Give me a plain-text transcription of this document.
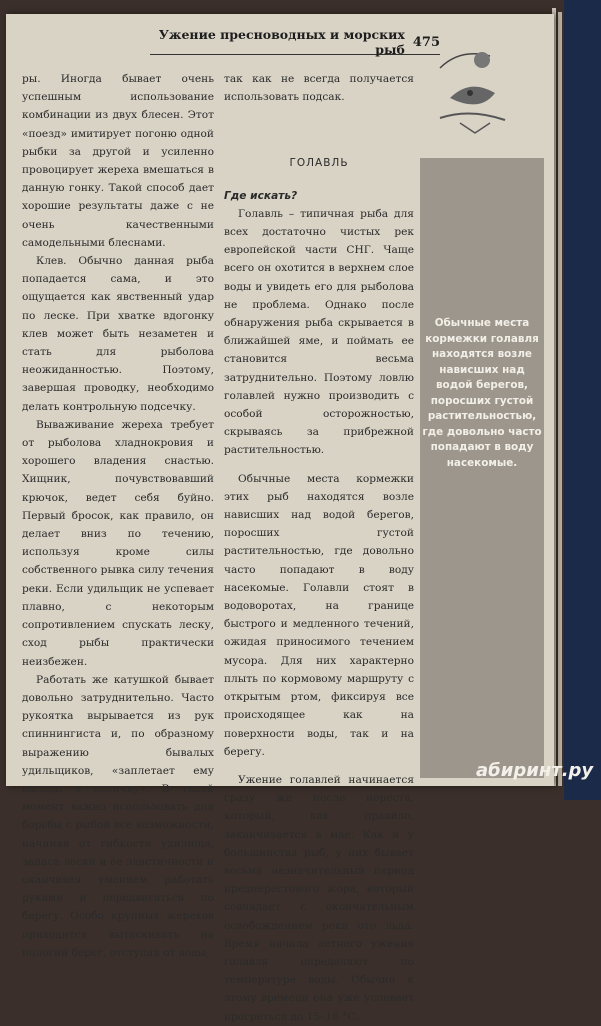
Ужение пресноводных и морских рыб 475

ры. Иногда бывает очень успешным использование комбинации из двух блесен. Этот «поезд» имитирует погоню одной рыбки за другой и усиленно провоцирует жереха вмешаться в данную гонку. Такой способ дает хорошие результаты даже с не очень качественными самодельными блеснами.

Клев. Обычно данная рыба попадается сама, и это ощущается как явственный удар по леске. При хватке вдогонку клев может быть незаметен и стать для рыболова неожиданностью. Поэтому, завершая проводку, необходимо делать контрольную подсечку.

Вываживание жереха требует от рыболова хладнокровия и хорошего владения снастью. Хищник, почувствовавший крючок, ведет себя буйно. Первый бросок, как правило, он делает вниз по течению, используя кроме силы собственного рывка силу течения реки. Если удильщик не успевает плавно, с некоторым сопротивлением спускать леску, сход рыбы практически неизбежен.

Работать же катушкой бывает довольно затруднительно. Часто рукоятка вырывается из рук спиннингиста и, по образному выражению бывалых удильщиков, «заплетает ему пальцы в косичку». В такой момент важно использовать для борьбы с рыбой все возможности, начиная от гибкости удилища, запаса лески и ее эластичности и оканчивая умением работать руками и передвигаться по берегу. Особо крупных жерехов приходится вытаскивать на пологий берег, отступая от воды,

так как не всегда получается использовать подсак.

ГОЛАВЛЬ

Где искать?

Голавль – типичная рыба для всех достаточно чистых рек европейской части СНГ. Чаще всего он охотится в верхнем слое воды и увидеть его для рыболова не проблема. Однако после обнаружения рыба скрывается в ближайшей яме, и поймать ее становится весьма затруднительно. Поэтому ловлю голавлей нужно производить с особой осторожностью, скрываясь за прибрежной растительностью.

Обычные места кормежки этих рыб находятся возле нависших над водой берегов, поросших густой растительностью, где довольно часто попадают в воду насекомые. Голавли стоят в водоворотах, на границе быстрого и медленного течений, ожидая приносимого течением мусора. Для них характерно плыть по кормовому маршруту с открытым ртом, фиксируя все происходящее как на поверхности воды, так и на берегу.

Ужение голавлей начинается сразу же после нереста, который, как правило, заканчивается в мае. Как и у большинства рыб, у них бывает весьма незначительный период преднерестового жора, который совпадает с окончательным освобождением реки ото льда. Время начала летнего ужения голавля определяют по температуре воды. Обычно к этому времени она уже успевает прогреться до 15–16 °С.

Обычные места кормежки голавля находятся возле нависших над водой берегов, поросших густой растительностью, где довольно часто попадают в воду насекомые.
абиринт.ру
